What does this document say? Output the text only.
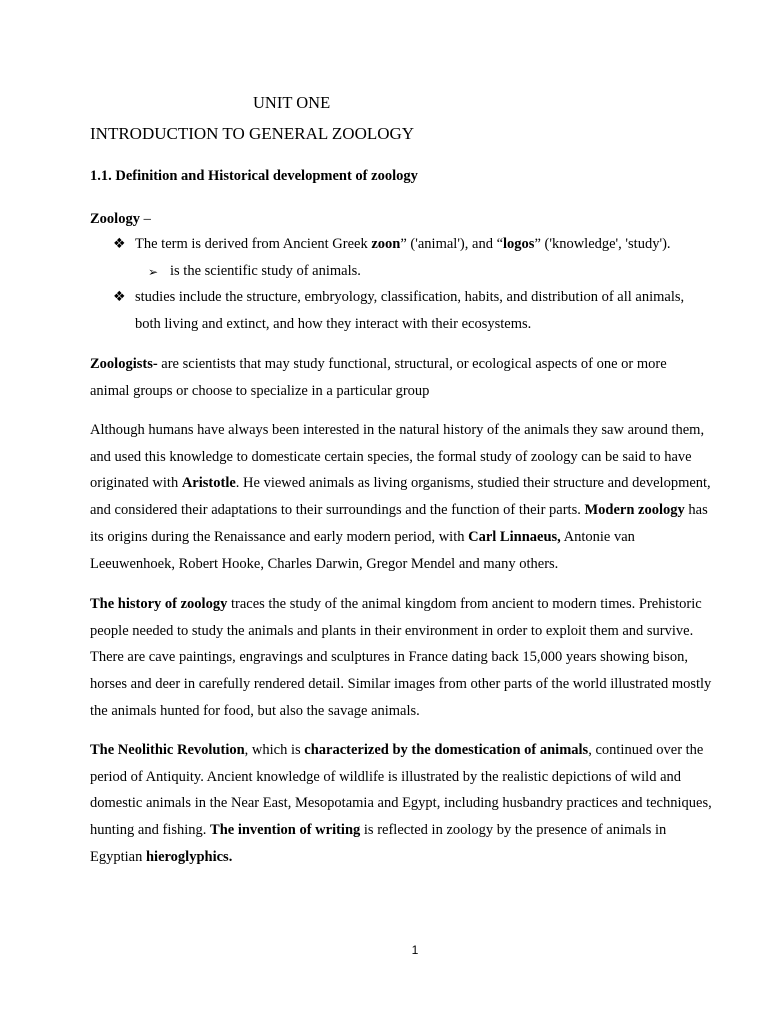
UNIT ONE
INTRODUCTION TO GENERAL ZOOLOGY
1.1. Definition and Historical development of zoology
Zoology –
❖ The term is derived from Ancient Greek zoon” ('animal'), and “logos” ('knowledge', 'study').
➢ is the scientific study of animals.
❖ studies include the structure, embryology, classification, habits, and distribution of all animals,
both living and extinct, and how they interact with their ecosystems.
Zoologists- are scientists that may study functional, structural, or ecological aspects of one or more
animal groups or choose to specialize in a particular group
Although humans have always been interested in the natural history of the animals they saw around them,
and used this knowledge to domesticate certain species, the formal study of zoology can be said to have
originated with Aristotle. He viewed animals as living organisms, studied their structure and development,
and considered their adaptations to their surroundings and the function of their parts. Modern zoology has
its origins during the Renaissance and early modern period, with Carl Linnaeus, Antonie van
Leeuwenhoek, Robert Hooke, Charles Darwin, Gregor Mendel and many others.
The history of zoology traces the study of the animal kingdom from ancient to modern times. Prehistoric
people needed to study the animals and plants in their environment in order to exploit them and survive.
There are cave paintings, engravings and sculptures in France dating back 15,000 years showing bison,
horses and deer in carefully rendered detail. Similar images from other parts of the world illustrated mostly
the animals hunted for food, but also the savage animals.
The Neolithic Revolution, which is characterized by the domestication of animals, continued over the
period of Antiquity. Ancient knowledge of wildlife is illustrated by the realistic depictions of wild and
domestic animals in the Near East, Mesopotamia and Egypt, including husbandry practices and techniques,
hunting and fishing. The invention of writing is reflected in zoology by the presence of animals in
Egyptian hieroglyphics.
1
